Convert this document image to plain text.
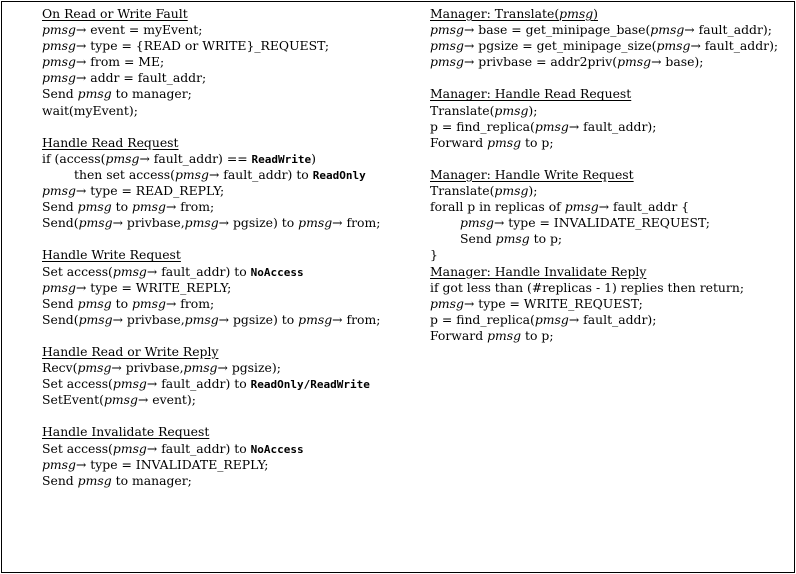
On Read or Write Fault
pmsg→ event = myEvent;
pmsg→ type = {READ or WRITE}_REQUEST;
pmsg→ from = ME;
pmsg→ addr = fault_addr;
Send pmsg to manager;
wait(myEvent);
Handle Read Request
if (access(pmsg→ fault_addr) == ReadWrite)
then set access(pmsg→ fault_addr) to ReadOnly
pmsg→ type = READ_REPLY;
Send pmsg to pmsg→ from;
Send(pmsg→ privbase,pmsg→ pgsize) to pmsg→ from;
Handle Write Request
Set access(pmsg→ fault_addr) to NoAccess
pmsg→ type = WRITE_REPLY;
Send pmsg to pmsg→ from;
Send(pmsg→ privbase,pmsg→ pgsize) to pmsg→ from;
Handle Read or Write Reply
Recv(pmsg→ privbase,pmsg→ pgsize);
Set access(pmsg→ fault_addr) to ReadOnly/ReadWrite
SetEvent(pmsg→ event);
Handle Invalidate Request
Set access(pmsg→ fault_addr) to NoAccess
pmsg→ type = INVALIDATE_REPLY;
Send pmsg to manager;
Manager: Translate(pmsg)
pmsg→ base = get_minipage_base(pmsg→ fault_addr);
pmsg→ pgsize = get_minipage_size(pmsg→ fault_addr);
pmsg→ privbase = addr2priv(pmsg→ base);
Manager: Handle Read Request
Translate(pmsg);
p = find_replica(pmsg→ fault_addr);
Forward pmsg to p;
Manager: Handle Write Request
Translate(pmsg);
forall p in replicas of pmsg→ fault_addr {
pmsg→ type = INVALIDATE_REQUEST;
Send pmsg to p;
}
Manager: Handle Invalidate Reply
if got less than (#replicas - 1) replies then return;
pmsg→ type = WRITE_REQUEST;
p = find_replica(pmsg→ fault_addr);
Forward pmsg to p;
